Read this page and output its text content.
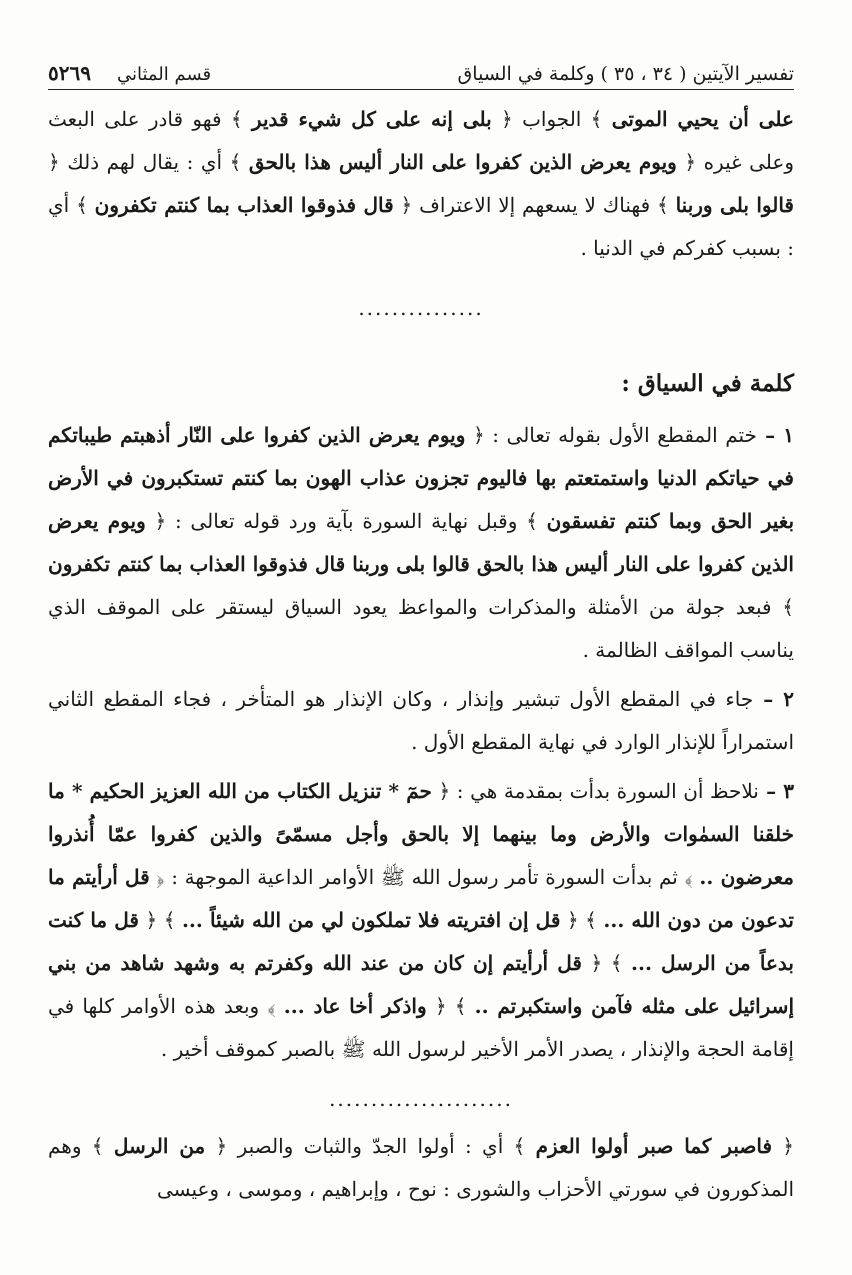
تفسير الآيتين ( ٣٤ ، ٣٥ ) وكلمة في السياق
قسم المثاني
٥٢٦٩

على أن يحيي الموتى ﴾ الجواب ﴿ بلى إنه على كل شيء قدير ﴾ فهو قادر على البعث وعلى غيره ﴿ ويوم يعرض الذين كفروا على النار أليس هذا بالحق ﴾ أي : يقال لهم ذلك ﴿ قالوا بلى وربنا ﴾ فهناك لا يسعهم إلا الاعتراف ﴿ قال فذوقوا العذاب بما كنتم تكفرون ﴾ أي : بسبب كفركم في الدنيا .

...............

كلمة في السياق :

١ – ختم المقطع الأول بقوله تعالى : ﴿ ويوم يعرض الذين كفروا على النّار أذهبتم طيباتكم في حياتكم الدنيا واستمتعتم بها فاليوم تجزون عذاب الهون بما كنتم تستكبرون في الأرض بغير الحق وبما كنتم تفسقون ﴾ وقبل نهاية السورة بآية ورد قوله تعالى : ﴿ ويوم يعرض الذين كفروا على النار أليس هذا بالحق قالوا بلى وربنا قال فذوقوا العذاب بما كنتم تكفرون ﴾ فبعد جولة من الأمثلة والمذكرات والمواعظ يعود السياق ليستقر على الموقف الذي يناسب المواقف الظالمة .

٢ – جاء في المقطع الأول تبشير وإنذار ، وكان الإنذار هو المتأخر ، فجاء المقطع الثاني استمراراً للإنذار الوارد في نهاية المقطع الأول .

٣ – نلاحظ أن السورة بدأت بمقدمة هي : ﴿ حمٓ * تنزيل الكتاب من الله العزيز الحكيم * ما خلقنا السمٰوات والأرض وما بينهما إلا بالحق وأجل مسمّىً والذين كفروا عمّا أُنذروا معرضون .. ﴾ ثم بدأت السورة تأمر رسول الله ﷺ الأوامر الداعية الموجهة : ﴿ قل أرأيتم ما تدعون من دون الله ... ﴾ ﴿ قل إن افتريته فلا تملكون لي من الله شيئاً ... ﴾ ﴿ قل ما كنت بدعاً من الرسل ... ﴾ ﴿ قل أرأيتم إن كان من عند الله وكفرتم به وشهد شاهد من بني إسرائيل على مثله فآمن واستكبرتم .. ﴾ ﴿ واذكر أخا عاد ... ﴾ وبعد هذه الأوامر كلها في إقامة الحجة والإنذار ، يصدر الأمر الأخير لرسول الله ﷺ بالصبر كموقف أخير .

......................

﴿ فاصبر كما صبر أولوا العزم ﴾ أي : أولوا الجدّ والثبات والصبر ﴿ من الرسل ﴾ وهم المذكورون في سورتي الأحزاب والشورى : نوح ، وإبراهيم ، وموسى ، وعيسى
